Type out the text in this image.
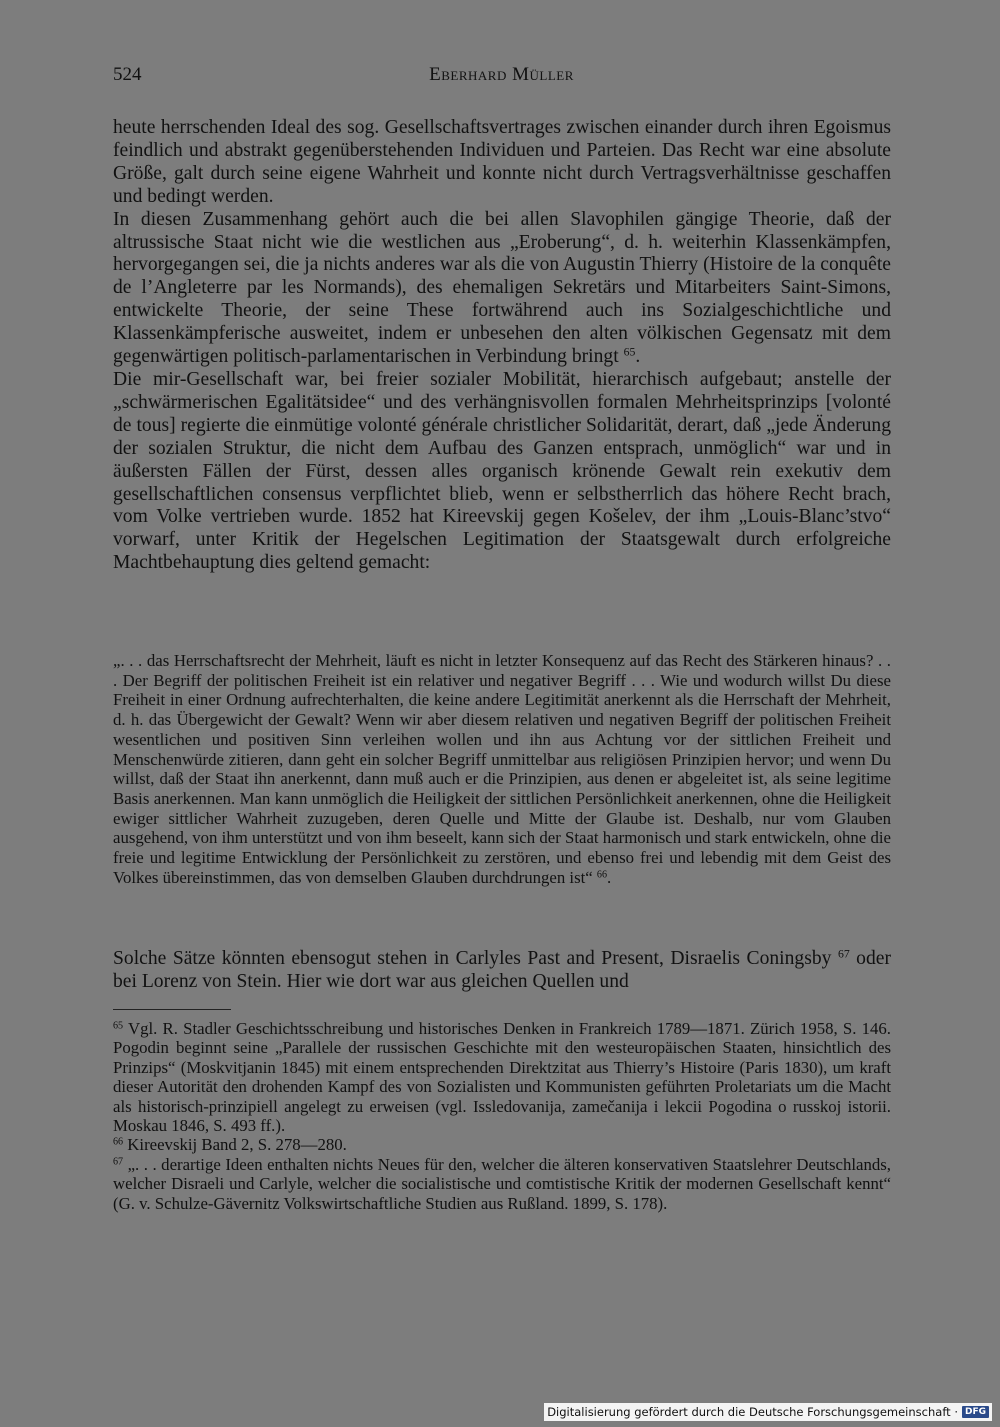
524	Eberhard Müller

heute herrschenden Ideal des sog. Gesellschaftsvertrages zwischen einander durch ihren Egoismus feindlich und abstrakt gegenüberstehenden Individuen und Parteien. Das Recht war eine absolute Größe, galt durch seine eigene Wahrheit und konnte nicht durch Vertragsverhältnisse geschaffen und bedingt werden.

In diesen Zusammenhang gehört auch die bei allen Slavophilen gängige Theorie, daß der altrussische Staat nicht wie die westlichen aus „Eroberung“, d. h. weiterhin Klassenkämpfen, hervorgegangen sei, die ja nichts anderes war als die von Augustin Thierry (Histoire de la conquête de l’Angleterre par les Normands), des ehemaligen Sekretärs und Mitarbeiters Saint-Simons, entwickelte Theorie, der seine These fortwährend auch ins Sozialgeschichtliche und Klassenkämpferische ausweitet, indem er unbesehen den alten völkischen Gegensatz mit dem gegenwärtigen politisch-parlamentarischen in Verbindung bringt $^{65}$.

Die mir-Gesellschaft war, bei freier sozialer Mobilität, hierarchisch aufgebaut; anstelle der „schwärmerischen Egalitätsidee“ und des verhängnisvollen formalen Mehrheitsprinzips [volonté de tous] regierte die einmütige volonté générale christlicher Solidarität, derart, daß „jede Änderung der sozialen Struktur, die nicht dem Aufbau des Ganzen entsprach, unmöglich“ war und in äußersten Fällen der Fürst, dessen alles organisch krönende Gewalt rein exekutiv dem gesellschaftlichen consensus verpflichtet blieb, wenn er selbstherrlich das höhere Recht brach, vom Volke vertrieben wurde. 1852 hat Kireevskij gegen Košelev, der ihm „Louis-Blanc’stvo“ vorwarf, unter Kritik der Hegelschen Legitimation der Staatsgewalt durch erfolgreiche Machtbehauptung dies geltend gemacht:

„. . . das Herrschaftsrecht der Mehrheit, läuft es nicht in letzter Konsequenz auf das Recht des Stärkeren hinaus? . . . Der Begriff der politischen Freiheit ist ein relativer und negativer Begriff . . . Wie und wodurch willst Du diese Freiheit in einer Ordnung aufrechterhalten, die keine andere Legitimität anerkennt als die Herrschaft der Mehrheit, d. h. das Übergewicht der Gewalt? Wenn wir aber diesem relativen und negativen Begriff der politischen Freiheit wesentlichen und positiven Sinn verleihen wollen und ihn aus Achtung vor der sittlichen Freiheit und Menschenwürde zitieren, dann geht ein solcher Begriff unmittelbar aus religiösen Prinzipien hervor; und wenn Du willst, daß der Staat ihn anerkennt, dann muß auch er die Prinzipien, aus denen er abgeleitet ist, als seine legitime Basis anerkennen. Man kann unmöglich die Heiligkeit der sittlichen Persönlichkeit anerkennen, ohne die Heiligkeit ewiger sittlicher Wahrheit zuzugeben, deren Quelle und Mitte der Glaube ist. Deshalb, nur vom Glauben ausgehend, von ihm unterstützt und von ihm beseelt, kann sich der Staat harmonisch und stark entwickeln, ohne die freie und legitime Entwicklung der Persönlichkeit zu zerstören, und ebenso frei und lebendig mit dem Geist des Volkes übereinstimmen, das von demselben Glauben durchdrungen ist“ $^{66}$.

Solche Sätze könnten ebensogut stehen in Carlyles Past and Present, Disraelis Coningsby $^{67}$ oder bei Lorenz von Stein. Hier wie dort war aus gleichen Quellen und

$^{65}$ Vgl. R. Stadler Geschichtsschreibung und historisches Denken in Frankreich 1789—1871. Zürich 1958, S. 146. Pogodin beginnt seine „Parallele der russischen Geschichte mit den westeuropäischen Staaten, hinsichtlich des Prinzips“ (Moskvitjanin 1845) mit einem entsprechenden Direktzitat aus Thierry’s Histoire (Paris 1830), um kraft dieser Autorität den drohenden Kampf des von Sozialisten und Kommunisten geführten Proletariats um die Macht als historisch-prinzipiell angelegt zu erweisen (vgl. Issledovanija, zamečanija i lekcii Pogodina o russkoj istorii. Moskau 1846, S. 493 ff.).

$^{66}$ Kireevskij Band 2, S. 278—280.

$^{67}$ „. . . derartige Ideen enthalten nichts Neues für den, welcher die älteren konservativen Staatslehrer Deutschlands, welcher Disraeli und Carlyle, welcher die socialistische und comtistische Kritik der modernen Gesellschaft kennt“ (G. v. Schulze-Gävernitz Volkswirtschaftliche Studien aus Rußland. 1899, S. 178).

Digitalisierung gefördert durch die Deutsche Forschungsgemeinschaft · DFG
